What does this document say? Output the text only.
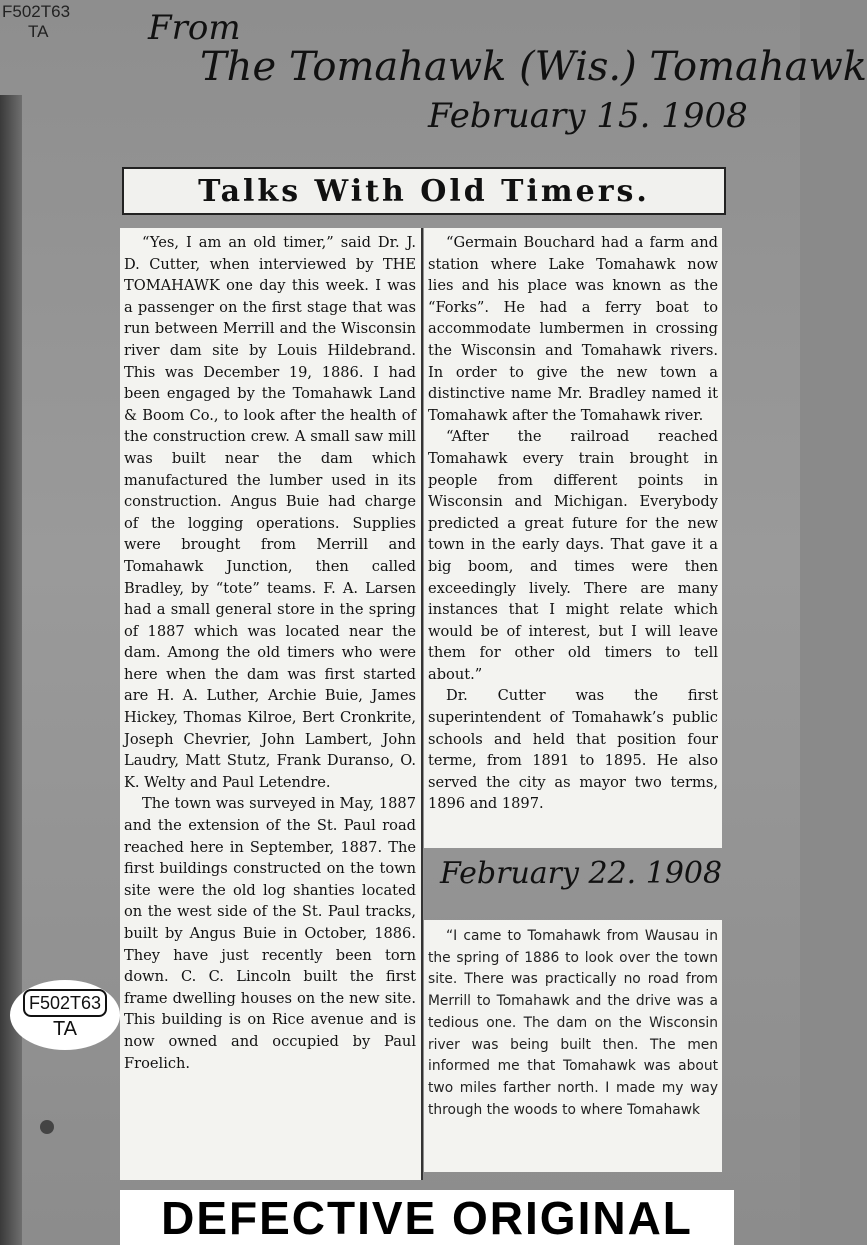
F502T63
TA	From
The Tomahawk (Wis.) Tomahawk
February 15. 1908
Talks With Old Timers.

“Yes, I am an old timer,” said Dr. J. D. Cutter, when interviewed by THE TOMAHAWK one day this week. I was a passenger on the first stage that was run between Merrill and the Wisconsin river dam site by Louis Hildebrand. This was December 19, 1886. I had been engaged by the Tomahawk Land & Boom Co., to look after the health of the construction crew. A small saw mill was built near the dam which manufactured the lumber used in its construction. Angus Buie had charge of the logging operations. Supplies were brought from Merrill and Tomahawk Junction, then called Bradley, by “tote” teams. F. A. Larsen had a small general store in the spring of 1887 which was located near the dam. Among the old timers who were here when the dam was first started are H. A. Luther, Archie Buie, James Hickey, Thomas Kilroe, Bert Cronkrite, Joseph Chevrier, John Lambert, John Laudry, Matt Stutz, Frank Duranso, O. K. Welty and Paul Letendre.

The town was surveyed in May, 1887 and the extension of the St. Paul road reached here in September, 1887. The first buildings constructed on the town site were the old log shanties located on the west side of the St. Paul tracks, built by Angus Buie in October, 1886. They have just recently been torn down. C. C. Lincoln built the first frame dwelling houses on the new site. This building is on Rice avenue and is now owned and occupied by Paul Froelich.

“Germain Bouchard had a farm and station where Lake Tomahawk now lies and his place was known as the “Forks”. He had a ferry boat to accommodate lumbermen in crossing the Wisconsin and Tomahawk rivers. In order to give the new town a distinctive name Mr. Bradley named it Tomahawk after the Tomahawk river.

“After the railroad reached Tomahawk every train brought in people from different points in Wisconsin and Michigan. Everybody predicted a great future for the new town in the early days. That gave it a big boom, and times were then exceedingly lively. There are many instances that I might relate which would be of interest, but I will leave them for other old timers to tell about.”

Dr. Cutter was the first superintendent of Tomahawk’s public schools and held that position four terme, from 1891 to 1895. He also served the city as mayor two terms, 1896 and 1897.

February 22. 1908

“I came to Tomahawk from Wausau in the spring of 1886 to look over the town site. There was practically no road from Merrill to Tomahawk and the drive was a tedious one. The dam on the Wisconsin river was being built then. The men informed me that Tomahawk was about two miles farther north. I made my way through the woods to where Tomahawk

F502T63
TA
DEFECTIVE ORIGINAL
